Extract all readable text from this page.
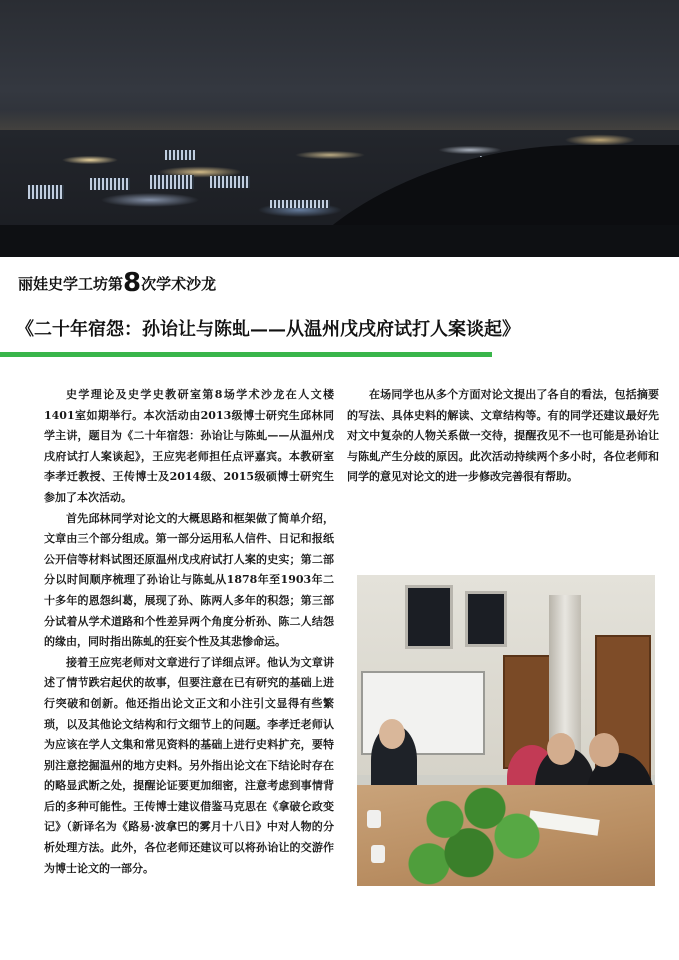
丽娃史学工坊第8次学术沙龙
《二十年宿怨：孙诒让与陈虬——从温州戊戌府试打人案谈起》

史学理论及史学史教研室第8场学术沙龙在人文楼1401室如期举行。本次活动由2013级博士研究生邱林同学主讲，题目为《二十年宿怨：孙诒让与陈虬——从温州戊戌府试打人案谈起》，王应宪老师担任点评嘉宾。本教研室李孝迁教授、王传博士及2014级、2015级硕博士研究生参加了本次活动。

首先邱林同学对论文的大概思路和框架做了简单介绍，文章由三个部分组成。第一部分运用私人信件、日记和报纸公开信等材料试图还原温州戊戌府试打人案的史实；第二部分以时间顺序梳理了孙诒让与陈虬从1878年至1903年二十多年的恩怨纠葛，展现了孙、陈两人多年的积怨；第三部分试着从学术道路和个性差异两个角度分析孙、陈二人结怨的缘由，同时指出陈虬的狂妄个性及其悲惨命运。

接着王应宪老师对文章进行了详细点评。他认为文章讲述了情节跌宕起伏的故事，但要注意在已有研究的基础上进行突破和创新。他还指出论文正文和小注引文显得有些繁琐，以及其他论文结构和行文细节上的问题。李孝迁老师认为应该在学人文集和常见资料的基础上进行史料扩充，要特别注意挖掘温州的地方史料。另外指出论文在下结论时存在的略显武断之处，提醒论证要更加细密，注意考虑到事情背后的多种可能性。王传博士建议借鉴马克思在《拿破仑政变记》（新译名为《路易·波拿巴的雾月十八日》中对人物的分析处理方法。此外，各位老师还建议可以将孙诒让的交游作为博士论文的一部分。

在场同学也从多个方面对论文提出了各自的看法，包括摘要的写法、具体史料的解读、文章结构等。有的同学还建议最好先对文中复杂的人物关系做一交待，提醒孜见不一也可能是孙诒让与陈虬产生分歧的原因。此次活动持续两个多小时，各位老师和同学的意见对论文的进一步修改完善很有帮助。
